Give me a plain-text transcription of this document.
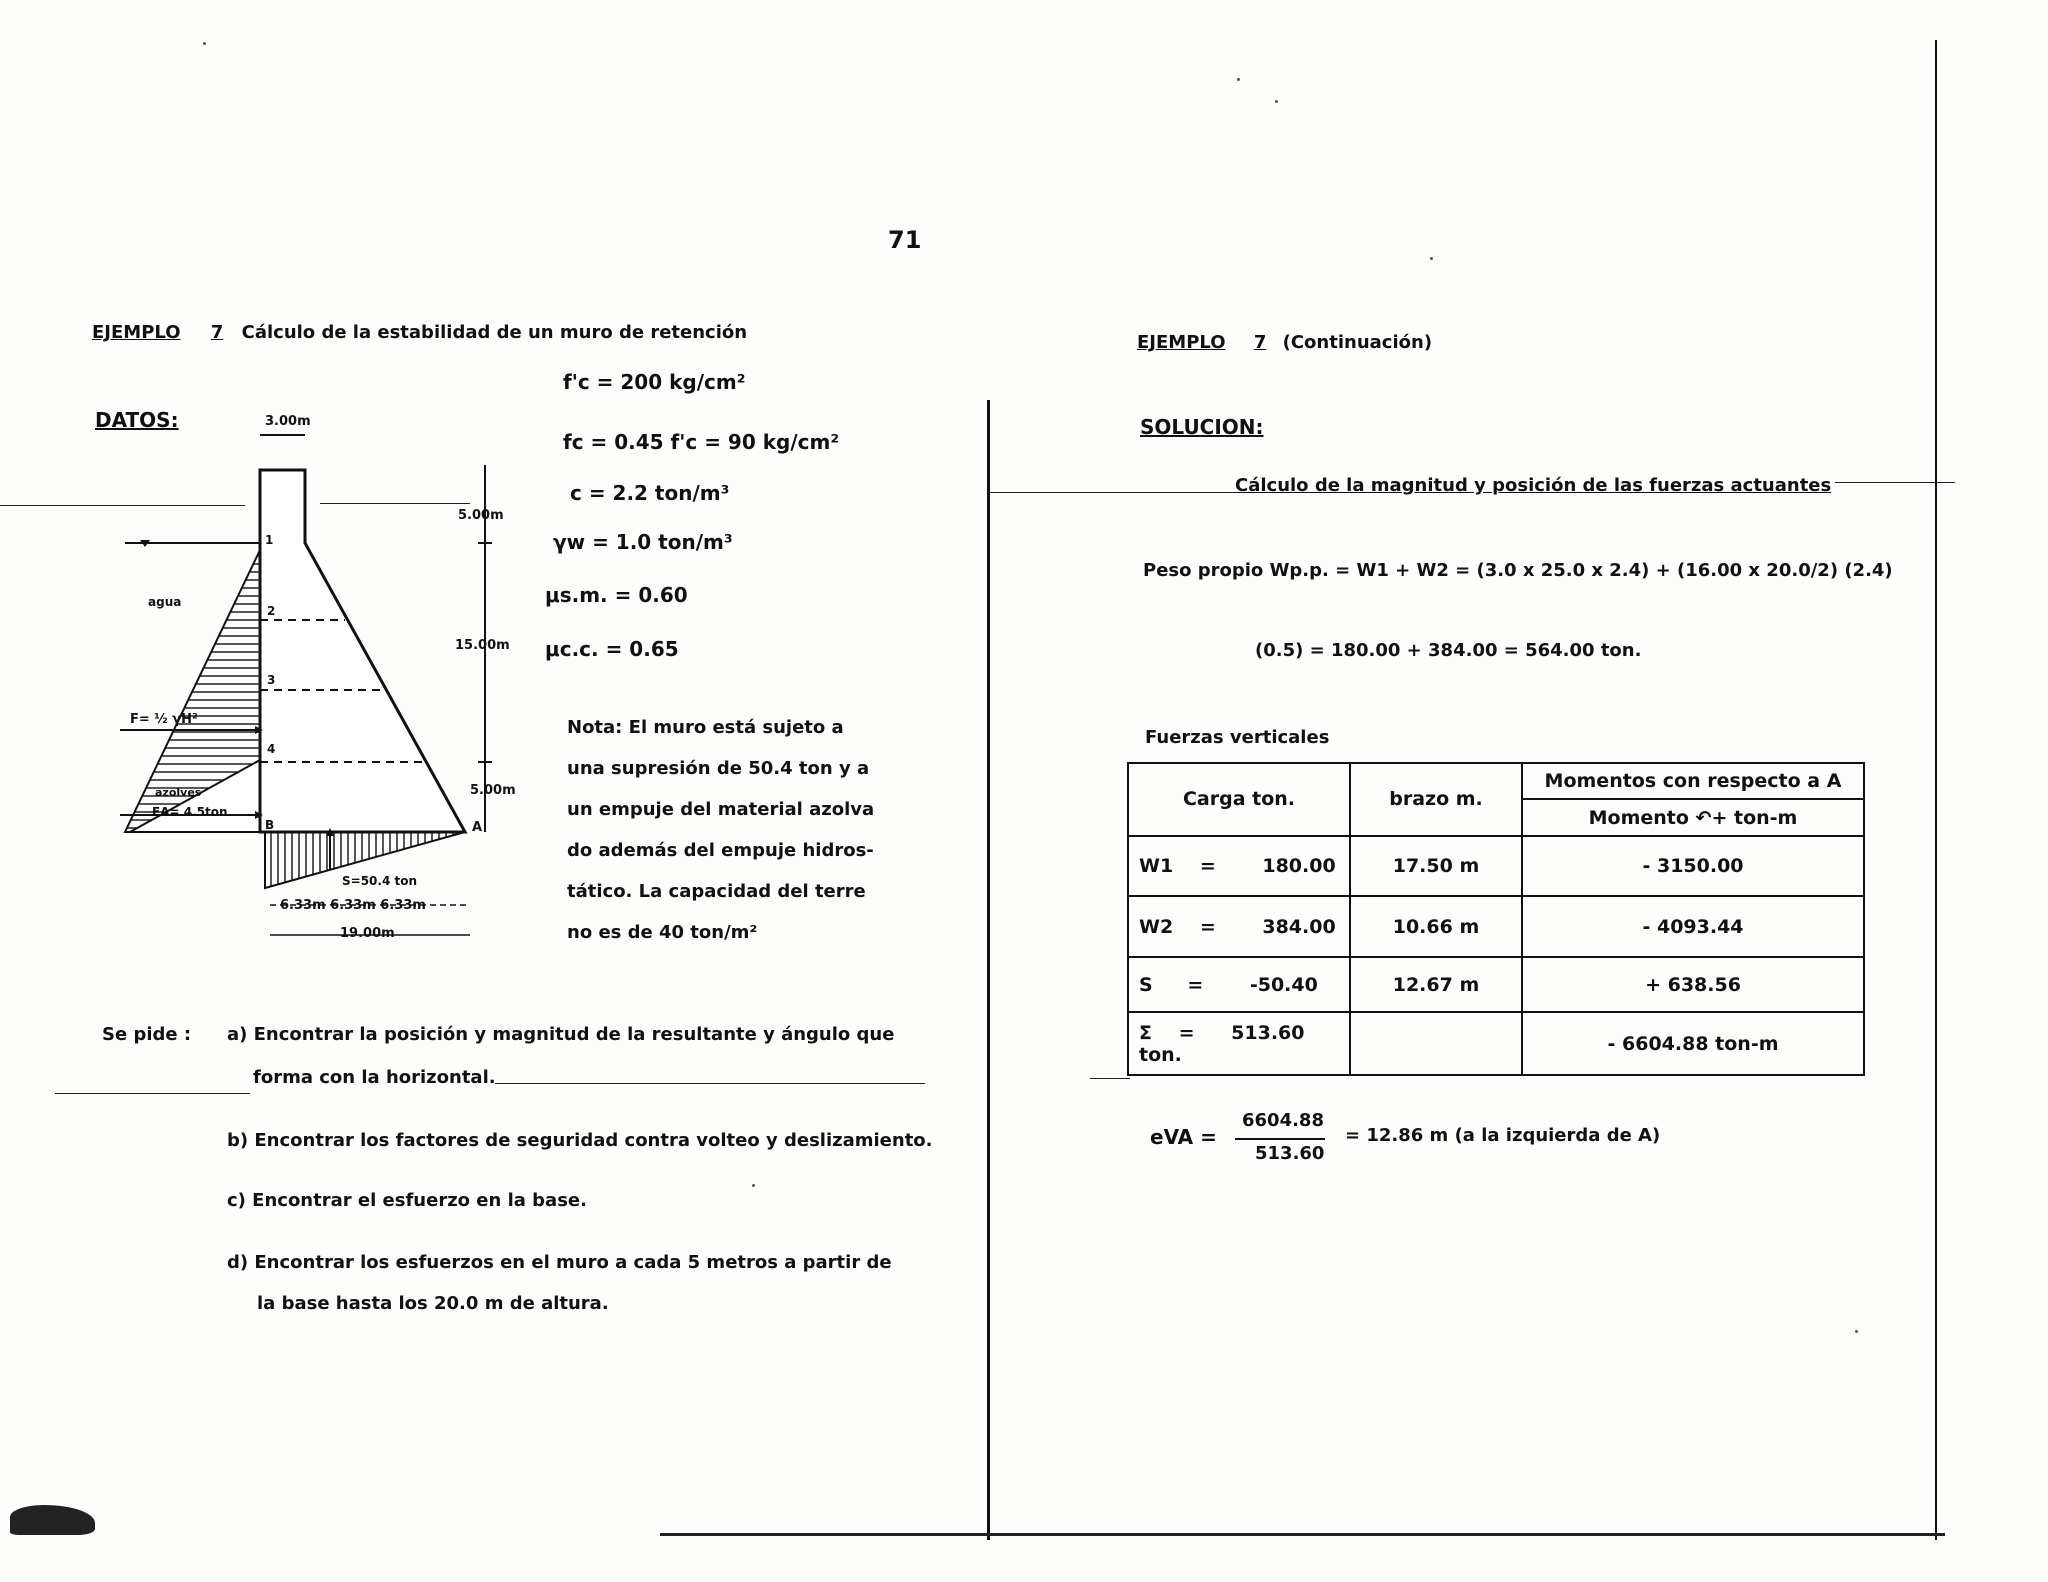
71
EJEMPLO 7 Cálculo de la estabilidad de un muro de retención
DATOS:
f'c = 200 kg/cm²
fc = 0.45 f'c = 90 kg/cm²
c = 2.2 ton/m³
γw = 1.0 ton/m³
μs.m. = 0.60
μc.c. = 0.65
3.00m
5.00m
15.00m
5.00m
agua
F= ½ γH²
azolves
EA= 4.5ton
S=50.4 ton
6.33m 6.33m 6.33m
19.00m
1
2
3
4
A
B
Nota: El muro está sujeto a
una supresión de 50.4 ton y a
un empuje del material azolva
do además del empuje hidros-
tático. La capacidad del terre
no es de 40 ton/m²
Se pide : a) Encontrar la posición y magnitud de la resultante y ángulo que
forma con la horizontal.
b) Encontrar los factores de seguridad contra volteo y deslizamiento.
c) Encontrar el esfuerzo en la base.
d) Encontrar los esfuerzos en el muro a cada 5 metros a partir de
la base hasta los 20.0 m de altura.
EJEMPLO 7 (Continuación)
SOLUCION:
Cálculo de la magnitud y posición de las fuerzas actuantes
Peso propio Wp.p. = W1 + W2 = (3.0 x 25.0 x 2.4) + (16.00 x 20.0/2) (2.4)
(0.5) = 180.00 + 384.00 = 564.00 ton.
Fuerzas verticales
Carga ton.	brazo m.	Momentos con respecto a A
		Momento ↶+ ton-m
W1 = 180.00	17.50 m	- 3150.00
W2 = 384.00	10.66 m	- 4093.44
S = -50.40	12.67 m	+ 638.56
Σ = 513.60 ton.		- 6604.88 ton-m
eVA =
6604.88
513.60
= 12.86 m (a la izquierda de A)
